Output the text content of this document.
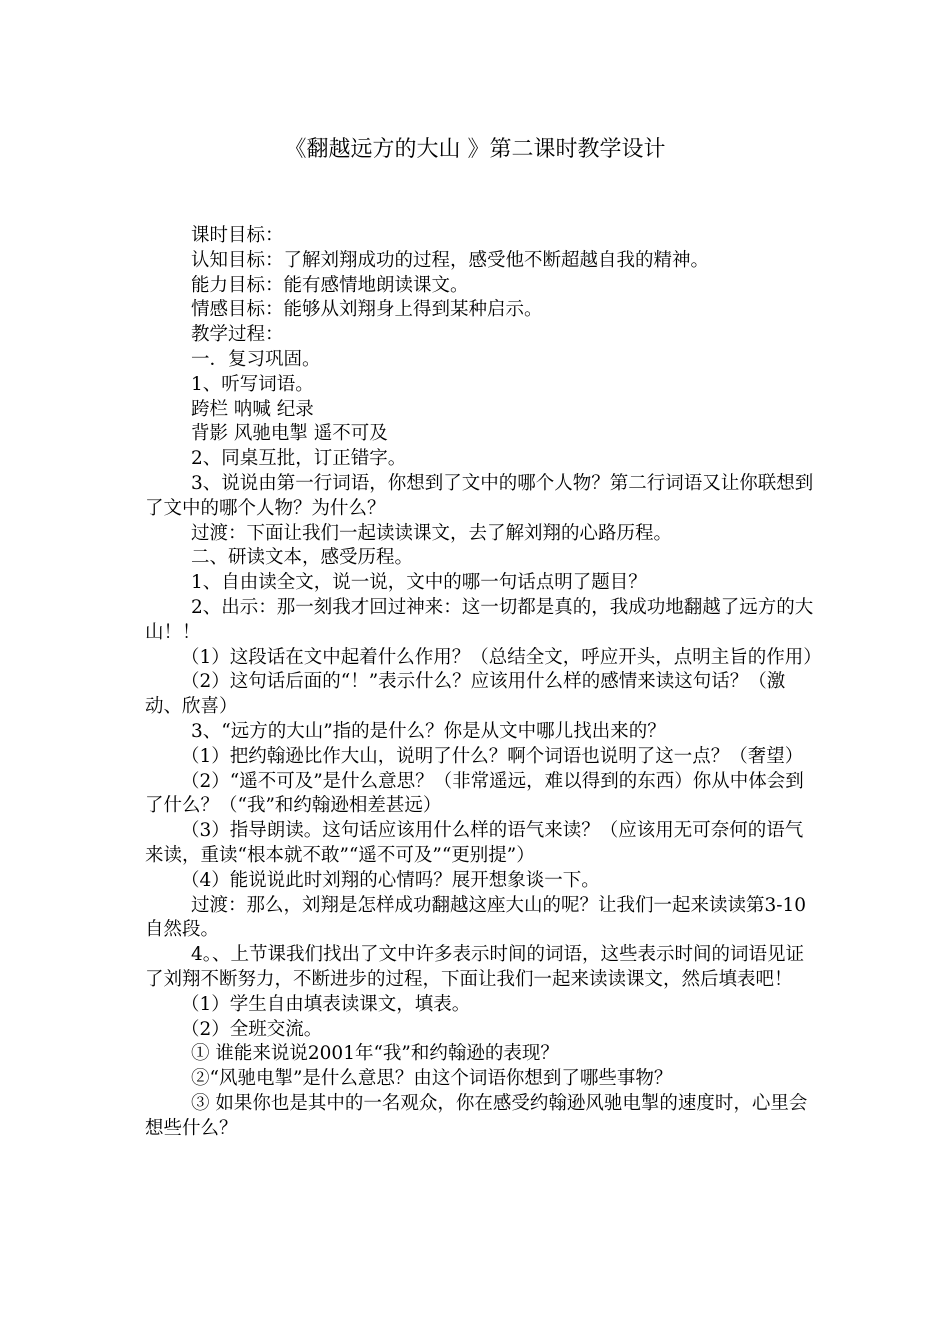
《翻越远方的大山 》第二课时教学设计

课时目标：

认知目标：了解刘翔成功的过程，感受他不断超越自我的精神。

能力目标：能有感情地朗读课文。

情感目标：能够从刘翔身上得到某种启示。

教学过程：

一．复习巩固。

1、听写词语。

跨栏 呐喊 纪录

背影 风驰电掣 遥不可及

2、同桌互批，订正错字。

3、说说由第一行词语，你想到了文中的哪个人物？第二行词语又让你联想到了文中的哪个人物？为什么？

过渡：下面让我们一起读读课文，去了解刘翔的心路历程。

二、研读文本，感受历程。

1、自由读全文，说一说，文中的哪一句话点明了题目？

2、出示：那一刻我才回过神来：这一切都是真的，我成功地翻越了远方的大山！！

（1）这段话在文中起着什么作用？（总结全文，呼应开头，点明主旨的作用）

（2）这句话后面的“！”表示什么？应该用什么样的感情来读这句话？（激动、欣喜）

3、“远方的大山”指的是什么？你是从文中哪儿找出来的？

（1）把约翰逊比作大山，说明了什么？啊个词语也说明了这一点？（奢望）

（2）“遥不可及”是什么意思？（非常遥远，难以得到的东西）你从中体会到了什么？（“我”和约翰逊相差甚远）

（3）指导朗读。这句话应该用什么样的语气来读？（应该用无可奈何的语气来读，重读“根本就不敢”“遥不可及”“更别提”）

（4）能说说此时刘翔的心情吗？展开想象谈一下。

过渡：那么，刘翔是怎样成功翻越这座大山的呢？让我们一起来读读第3-10自然段。

4。、上节课我们找出了文中许多表示时间的词语，这些表示时间的词语见证了刘翔不断努力，不断进步的过程，下面让我们一起来读读课文，然后填表吧！

（1）学生自由填表读课文，填表。

（2）全班交流。

① 谁能来说说2001年“我”和约翰逊的表现？

②“风驰电掣”是什么意思？由这个词语你想到了哪些事物？

③ 如果你也是其中的一名观众，你在感受约翰逊风驰电掣的速度时，心里会想些什么？
